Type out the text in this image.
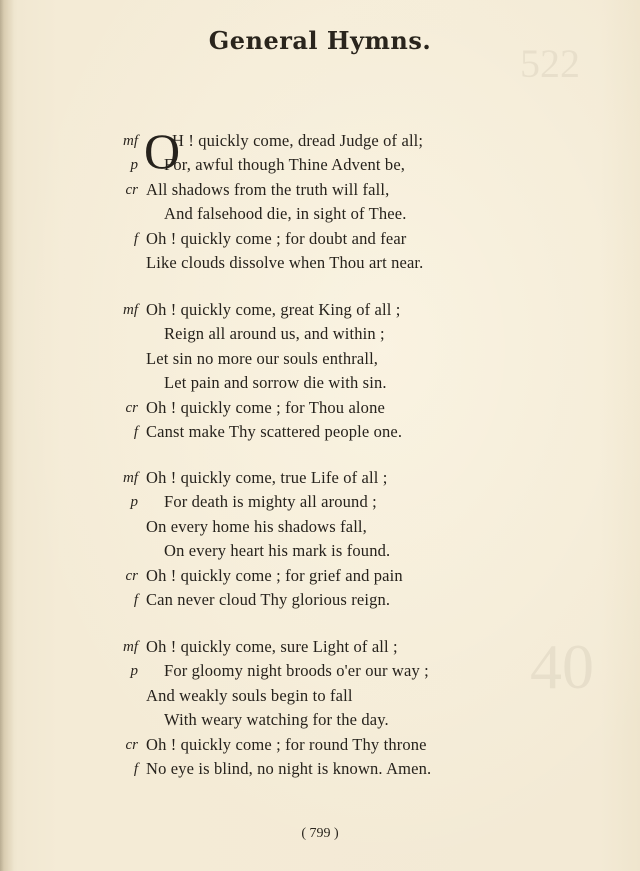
522
40
General Hymns.
O
mf H ! quickly come, dread Judge of all;
p For, awful though Thine Advent be,
cr All shadows from the truth will fall,
And falsehood die, in sight of Thee.
f Oh ! quickly come ; for doubt and fear
Like clouds dissolve when Thou art near.
mf Oh ! quickly come, great King of all ;
Reign all around us, and within ;
Let sin no more our souls enthrall,
Let pain and sorrow die with sin.
cr Oh ! quickly come ; for Thou alone
f Canst make Thy scattered people one.
mf Oh ! quickly come, true Life of all ;
p For death is mighty all around ;
On every home his shadows fall,
On every heart his mark is found.
cr Oh ! quickly come ; for grief and pain
f Can never cloud Thy glorious reign.
mf Oh ! quickly come, sure Light of all ;
p For gloomy night broods o'er our way ;
And weakly souls begin to fall
With weary watching for the day.
cr Oh ! quickly come ; for round Thy throne
f No eye is blind, no night is known. Amen.
( 799 )
